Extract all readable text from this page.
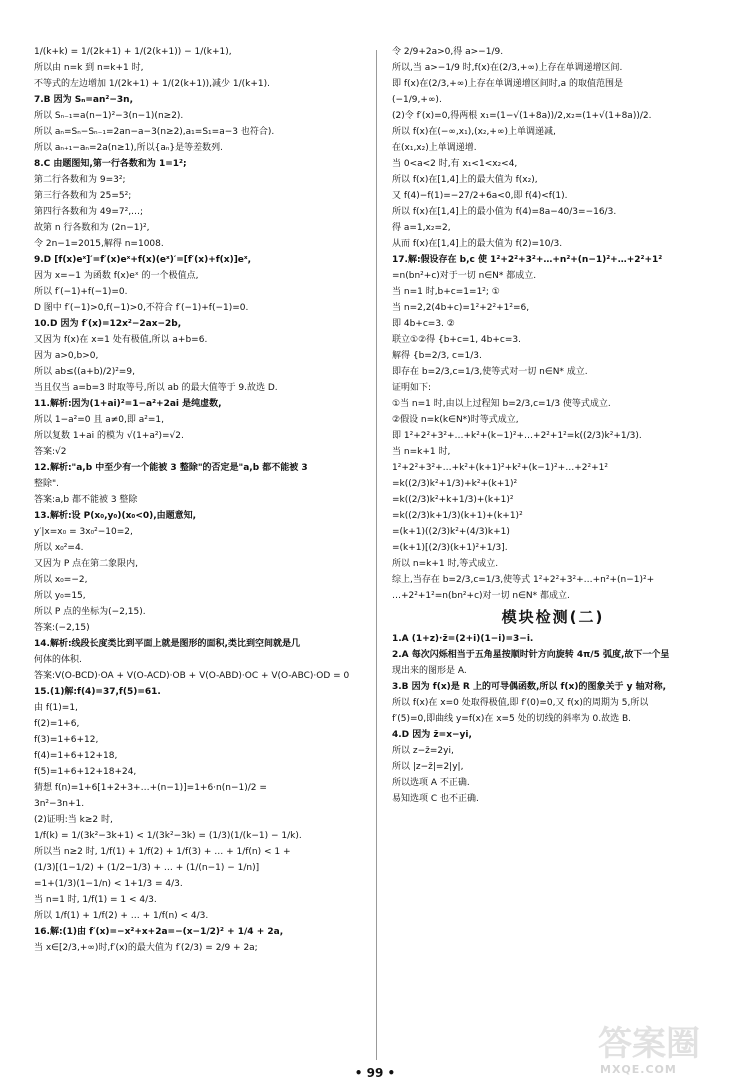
1/(k+k) = 1/(2k+1) + 1/(2(k+1)) − 1/(k+1),
所以由 n=k 到 n=k+1 时,
不等式的左边增加 1/(2k+1) + 1/(2(k+1)),减少 1/(k+1).
7.B 因为 Sₙ=an²−3n,
所以 Sₙ₋₁=a(n−1)²−3(n−1)(n≥2).
所以 aₙ=Sₙ−Sₙ₋₁=2an−a−3(n≥2),a₁=S₁=a−3 也符合).
所以 aₙ₊₁−aₙ=2a(n≥1),所以{aₙ}是等差数列.
8.C 由题图知,第一行各数和为 1=1²;
第二行各数和为 9=3²;
第三行各数和为 25=5²;
第四行各数和为 49=7²,…;
故第 n 行各数和为 (2n−1)²,
令 2n−1=2015,解得 n=1008.
9.D [f(x)eˣ]′=f′(x)eˣ+f(x)(eˣ)′=[f′(x)+f(x)]eˣ,
因为 x=−1 为函数 f(x)eˣ 的一个极值点,
所以 f′(−1)+f(−1)=0.
D 图中 f′(−1)>0,f(−1)>0,不符合 f′(−1)+f(−1)=0.
10.D 因为 f′(x)=12x²−2ax−2b,
又因为 f(x)在 x=1 处有极值,所以 a+b=6.
因为 a>0,b>0,
所以 ab≤((a+b)/2)²=9,
当且仅当 a=b=3 时取等号,所以 ab 的最大值等于 9.故选 D.
11.解析:因为(1+ai)²=1−a²+2ai 是纯虚数,
所以 1−a²=0 且 a≠0,即 a²=1,
所以复数 1+ai 的模为 √(1+a²)=√2.
答案:√2
12.解析:"a,b 中至少有一个能被 3 整除"的否定是"a,b 都不能被 3
整除".
答案:a,b 都不能被 3 整除
13.解析:设 P(x₀,y₀)(x₀<0),由题意知,
y′|x=x₀ = 3x₀²−10=2,
所以 x₀²=4.
又因为 P 点在第二象限内,
所以 x₀=−2,
所以 y₀=15,
所以 P 点的坐标为(−2,15).
答案:(−2,15)
14.解析:线段长度类比到平面上就是图形的面积,类比到空间就是几
何体的体积.
答案:V(O-BCD)·OA + V(O-ACD)·OB + V(O-ABD)·OC + V(O-ABC)·OD = 0
15.(1)解:f(4)=37,f(5)=61.
由 f(1)=1,
f(2)=1+6,
f(3)=1+6+12,
f(4)=1+6+12+18,
f(5)=1+6+12+18+24,
猜想 f(n)=1+6[1+2+3+…+(n−1)]=1+6·n(n−1)/2 =
3n²−3n+1.
(2)证明:当 k≥2 时,
1/f(k) = 1/(3k²−3k+1) < 1/(3k²−3k) = (1/3)(1/(k−1) − 1/k).
所以当 n≥2 时, 1/f(1) + 1/f(2) + 1/f(3) + … + 1/f(n) < 1 +
(1/3)[(1−1/2) + (1/2−1/3) + … + (1/(n−1) − 1/n)]
=1+(1/3)(1−1/n) < 1+1/3 = 4/3.
当 n=1 时, 1/f(1) = 1 < 4/3.
所以 1/f(1) + 1/f(2) + … + 1/f(n) < 4/3.
16.解:(1)由 f′(x)=−x²+x+2a=−(x−1/2)² + 1/4 + 2a,
当 x∈[2/3,+∞)时,f′(x)的最大值为 f′(2/3) = 2/9 + 2a;
令 2/9+2a>0,得 a>−1/9.
所以,当 a>−1/9 时,f(x)在(2/3,+∞)上存在单调递增区间.
即 f(x)在(2/3,+∞)上存在单调递增区间时,a 的取值范围是
(−1/9,+∞).
(2)令 f′(x)=0,得两根 x₁=(1−√(1+8a))/2,x₂=(1+√(1+8a))/2.
所以 f(x)在(−∞,x₁),(x₂,+∞)上单调递减,
在(x₁,x₂)上单调递增.
当 0<a<2 时,有 x₁<1<x₂<4,
所以 f(x)在[1,4]上的最大值为 f(x₂),
又 f(4)−f(1)=−27/2+6a<0,即 f(4)<f(1).
所以 f(x)在[1,4]上的最小值为 f(4)=8a−40/3=−16/3.
得 a=1,x₂=2,
从而 f(x)在[1,4]上的最大值为 f(2)=10/3.
17.解:假设存在 b,c 使 1²+2²+3²+…+n²+(n−1)²+…+2²+1²
=n(bn²+c)对于一切 n∈N* 都成立.
当 n=1 时,b+c=1=1²; ①
当 n=2,2(4b+c)=1²+2²+1²=6,
即 4b+c=3. ②
联立①②得 {b+c=1, 4b+c=3.
解得 {b=2/3, c=1/3.
即存在 b=2/3,c=1/3,使等式对一切 n∈N* 成立.
证明如下:
①当 n=1 时,由以上过程知 b=2/3,c=1/3 使等式成立.
②假设 n=k(k∈N*)时等式成立,
即 1²+2²+3²+…+k²+(k−1)²+…+2²+1²=k((2/3)k²+1/3).
当 n=k+1 时,
1²+2²+3²+…+k²+(k+1)²+k²+(k−1)²+…+2²+1²
=k((2/3)k²+1/3)+k²+(k+1)²
=k((2/3)k²+k+1/3)+(k+1)²
=k((2/3)k+1/3)(k+1)+(k+1)²
=(k+1)((2/3)k²+(4/3)k+1)
=(k+1)[(2/3)(k+1)²+1/3].
所以 n=k+1 时,等式成立.
综上,当存在 b=2/3,c=1/3,使等式 1²+2²+3²+…+n²+(n−1)²+
…+2²+1²=n(bn²+c)对一切 n∈N* 都成立.
模块检测(二)
1.A (1+z)·z̄=(2+i)(1−i)=3−i.
2.A 每次闪烁相当于五角星按顺时针方向旋转 4π/5 弧度,故下一个呈
现出来的图形是 A.
3.B 因为 f(x)是 R 上的可导偶函数,所以 f(x)的图象关于 y 轴对称,
所以 f(x)在 x=0 处取得极值,即 f′(0)=0,又 f(x)的周期为 5,所以
f′(5)=0,即曲线 y=f(x)在 x=5 处的切线的斜率为 0.故选 B.
4.D 因为 z̄=x−yi,
所以 z−z̄=2yi,
所以 |z−z̄|=2|y|,
所以选项 A 不正确.
易知选项 C 也不正确.
• 99 •
答案圈
MXQE.COM
